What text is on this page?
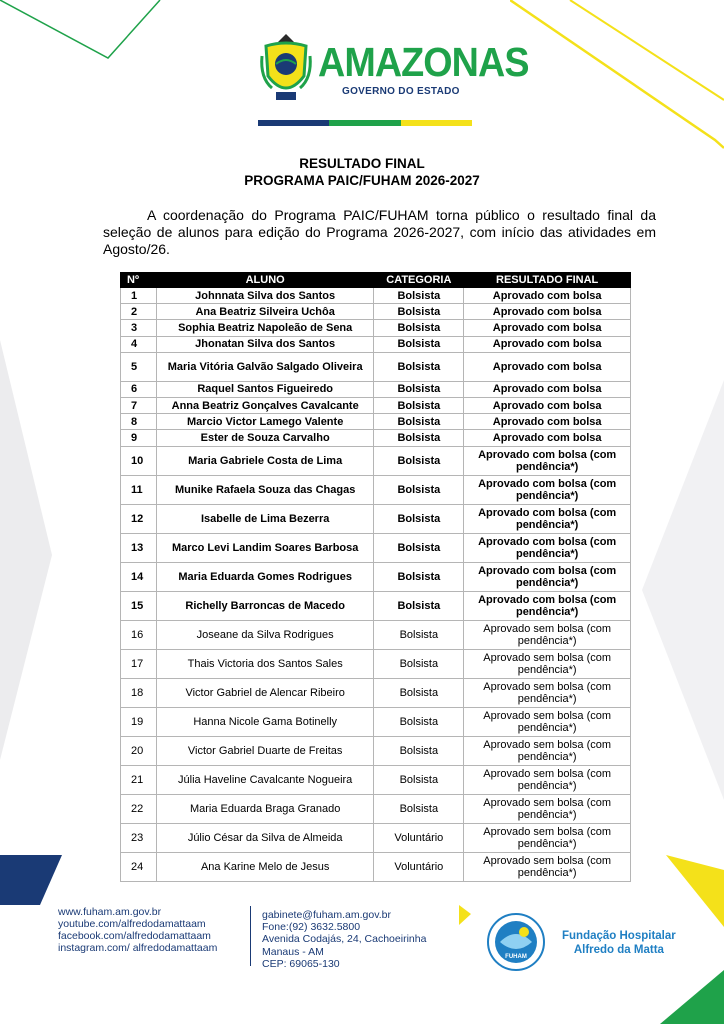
AMAZONAS
GOVERNO DO ESTADO
RESULTADO FINAL
PROGRAMA PAIC/FUHAM 2026-2027

A coordenação do Programa PAIC/FUHAM torna público o resultado final da seleção de alunos para edição do Programa 2026-2027, com início das atividades em Agosto/26.

Nº	ALUNO	CATEGORIA	RESULTADO FINAL
1	Johnnata Silva dos Santos	Bolsista	Aprovado com bolsa
2	Ana Beatriz Silveira Uchôa	Bolsista	Aprovado com bolsa
3	Sophia Beatriz Napoleão de Sena	Bolsista	Aprovado com bolsa
4	Jhonatan Silva dos Santos	Bolsista	Aprovado com bolsa
5	Maria Vitória Galvão Salgado Oliveira	Bolsista	Aprovado com bolsa
6	Raquel Santos Figueiredo	Bolsista	Aprovado com bolsa
7	Anna Beatriz Gonçalves Cavalcante	Bolsista	Aprovado com bolsa
8	Marcio Victor Lamego Valente	Bolsista	Aprovado com bolsa
9	Ester de Souza Carvalho	Bolsista	Aprovado com bolsa
10	Maria Gabriele Costa de Lima	Bolsista	Aprovado com bolsa (com pendência*)
11	Munike Rafaela Souza das Chagas	Bolsista	Aprovado com bolsa (com pendência*)
12	Isabelle de Lima Bezerra	Bolsista	Aprovado com bolsa (com pendência*)
13	Marco Levi Landim Soares Barbosa	Bolsista	Aprovado com bolsa (com pendência*)
14	Maria Eduarda Gomes Rodrigues	Bolsista	Aprovado com bolsa (com pendência*)
15	Richelly Barroncas de Macedo	Bolsista	Aprovado com bolsa (com pendência*)
16	Joseane da Silva Rodrigues	Bolsista	Aprovado sem bolsa (com pendência*)
17	Thais Victoria dos Santos Sales	Bolsista	Aprovado sem bolsa (com pendência*)
18	Victor Gabriel de Alencar Ribeiro	Bolsista	Aprovado sem bolsa (com pendência*)
19	Hanna Nicole Gama Botinelly	Bolsista	Aprovado sem bolsa (com pendência*)
20	Victor Gabriel Duarte de Freitas	Bolsista	Aprovado sem bolsa (com pendência*)
21	Júlia Haveline Cavalcante Nogueira	Bolsista	Aprovado sem bolsa (com pendência*)
22	Maria Eduarda Braga Granado	Bolsista	Aprovado sem bolsa (com pendência*)
23	Júlio César da Silva de Almeida	Voluntário	Aprovado sem bolsa (com pendência*)
24	Ana Karine Melo de Jesus	Voluntário	Aprovado sem bolsa (com pendência*)
www.fuham.am.gov.br
youtube.com/alfredodamattaam
facebook.com/alfredodamattaam
instagram.com/ alfredodamattaam
gabinete@fuham.am.gov.br
Fone:(92) 3632.5800
Avenida Codajás, 24, Cachoeirinha
Manaus - AM
CEP: 69065-130
FUHAM
Fundação Hospitalar
Alfredo da Matta
